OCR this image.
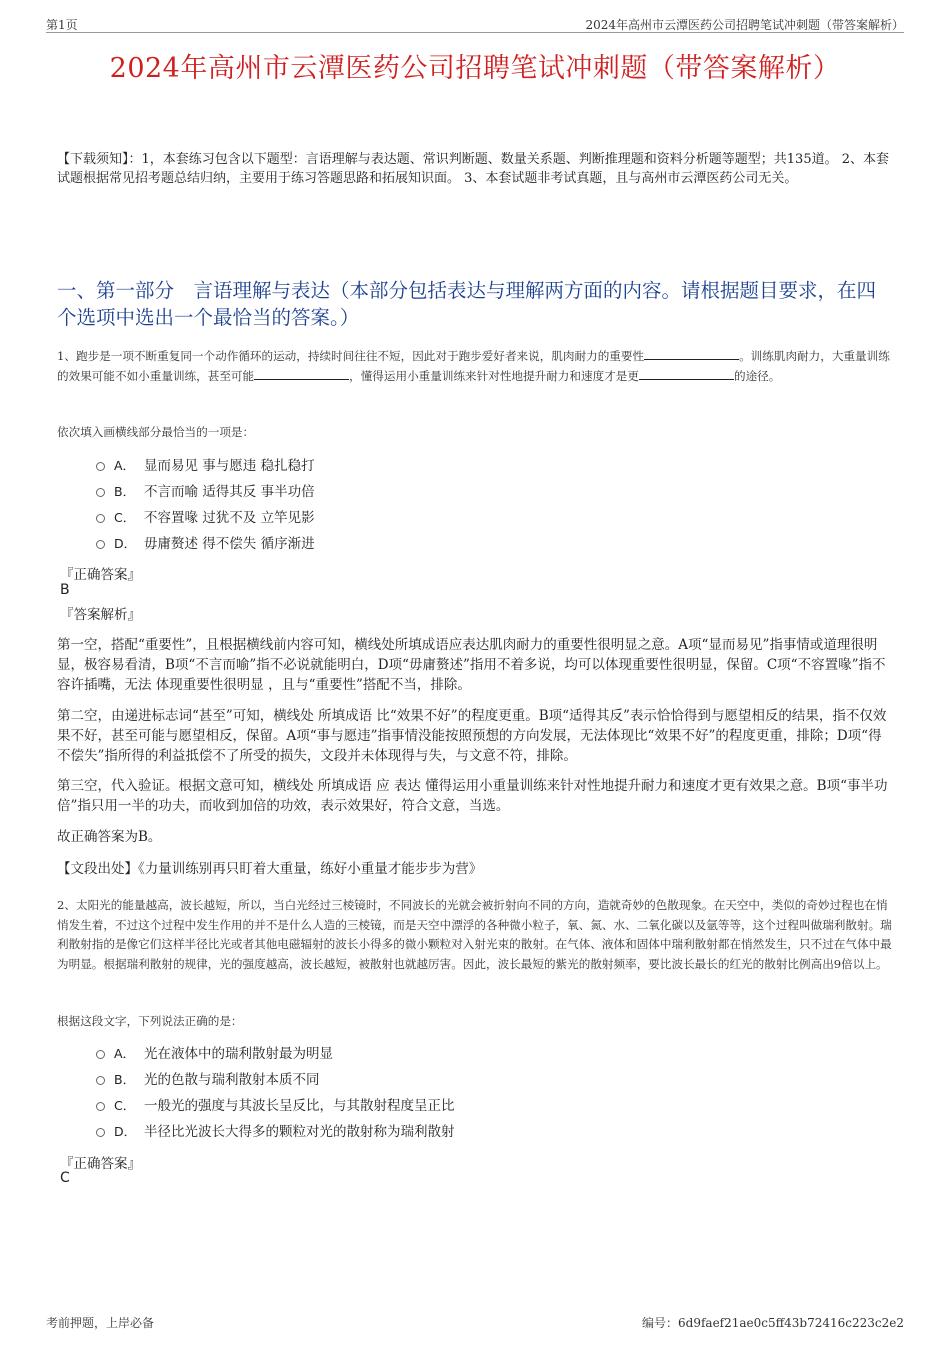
第1页	2024年高州市云潭医药公司招聘笔试冲刺题（带答案解析）
2024年高州市云潭医药公司招聘笔试冲刺题（带答案解析）
【下载须知】：1，本套练习包含以下题型：言语理解与表达题、常识判断题、数量关系题、判断推理题和资料分析题等题型；共135道。 2、本套试题根据常见招考题总结归纳，主要用于练习答题思路和拓展知识面。 3、本套试题非考试真题，且与高州市云潭医药公司无关。
一、第一部分　言语理解与表达（本部分包括表达与理解两方面的内容。请根据题目要求，在四个选项中选出一个最恰当的答案。）
1、跑步是一项不断重复同一个动作循环的运动，持续时间往往不短，因此对于跑步爱好者来说，肌肉耐力的重要性	。训练肌肉耐力，大重量训练的效果可能不如小重量训练，甚至可能	，懂得运用小重量训练来针对性地提升耐力和速度才是更	的途径。
依次填入画横线部分最恰当的一项是：
A． 显而易见 事与愿违 稳扎稳打
B． 不言而喻 适得其反 事半功倍
C． 不容置喙 过犹不及 立竿见影
D． 毋庸赘述 得不偿失 循序渐进
『正确答案』
B
『答案解析』
第一空，搭配“重要性”，且根据横线前内容可知，横线处所填成语应表达肌肉耐力的重要性很明显之意。A项“显而易见”指事情或道理很明显，极容易看清，B项“不言而喻”指不必说就能明白，D项“毋庸赘述”指用不着多说，均可以体现重要性很明显，保留。C项“不容置喙”指不容许插嘴，无法 体现重要性很明显 ，且与“重要性”搭配不当，排除。
第二空，由递进标志词“甚至”可知，横线处 所填成语 比“效果不好”的程度更重。B项“适得其反”表示恰恰得到与愿望相反的结果，指不仅效果不好，甚至可能与愿望相反，保留。A项“事与愿违”指事情没能按照预想的方向发展，无法体现比“效果不好”的程度更重，排除；D项“得不偿失”指所得的利益抵偿不了所受的损失，文段并未体现得与失，与文意不符，排除。
第三空，代入验证。根据文意可知，横线处 所填成语 应 表达 懂得运用小重量训练来针对性地提升耐力和速度才更有效果之意。B项“事半功倍”指只用一半的功夫，而收到加倍的功效，表示效果好，符合文意，当选。
故正确答案为B。
【文段出处】《力量训练别再只盯着大重量，练好小重量才能步步为营》
2、太阳光的能量越高，波长越短，所以，当白光经过三棱镜时，不同波长的光就会被折射向不同的方向，造就奇妙的色散现象。在天空中，类似的奇妙过程也在悄悄发生着，不过这个过程中发生作用的并不是什么人造的三棱镜，而是天空中漂浮的各种微小粒子，氧、氮、水、二氧化碳以及氩等等，这个过程叫做瑞利散射。瑞利散射指的是像它们这样半径比光或者其他电磁辐射的波长小得多的微小颗粒对入射光束的散射。在气体、液体和固体中瑞利散射都在悄然发生，只不过在气体中最为明显。根据瑞利散射的规律，光的强度越高，波长越短，被散射也就越厉害。因此，波长最短的紫光的散射频率，要比波长最长的红光的散射比例高出9倍以上。
根据这段文字，下列说法正确的是：
A． 光在液体中的瑞利散射最为明显
B． 光的色散与瑞利散射本质不同
C． 一般光的强度与其波长呈反比，与其散射程度呈正比
D． 半径比光波长大得多的颗粒对光的散射称为瑞利散射
『正确答案』
C
考前押题，上岸必备	编号：6d9faef21ae0c5ff43b72416c223c2e2
